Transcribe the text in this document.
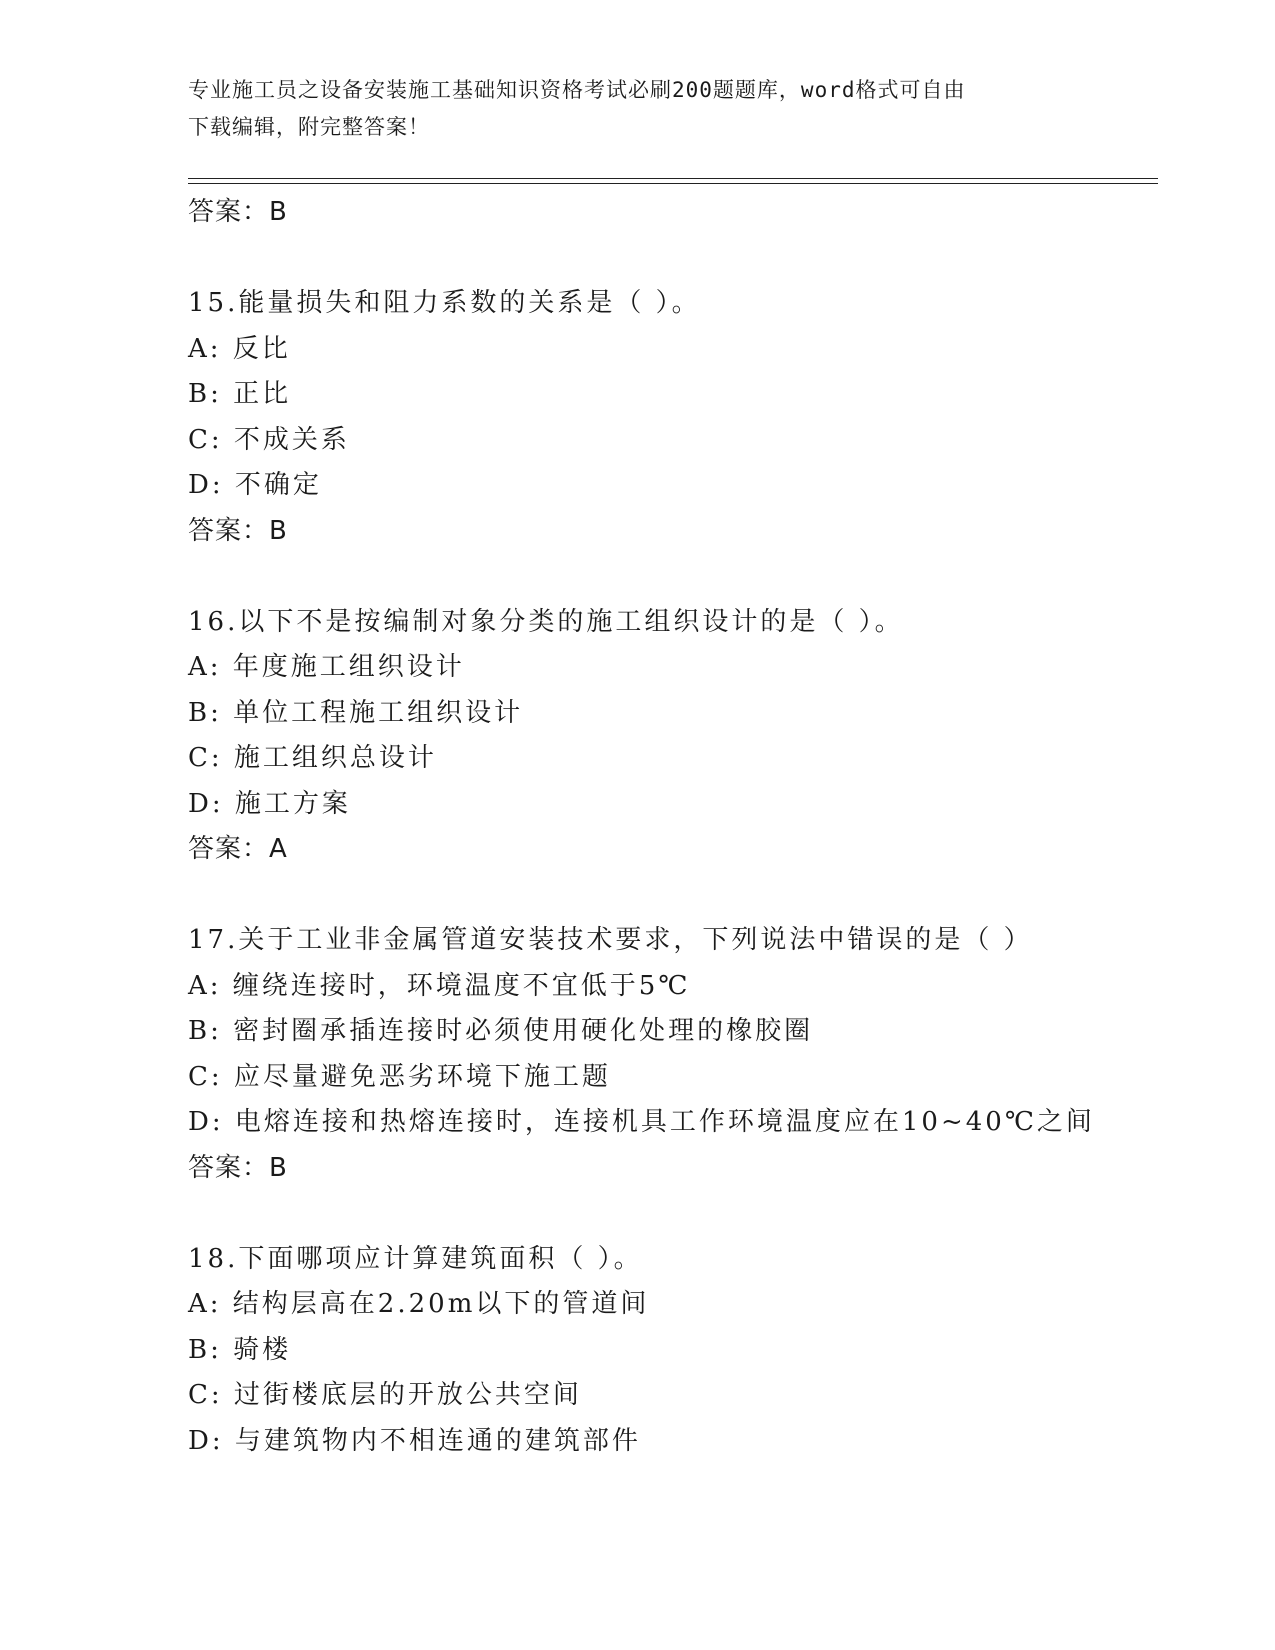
专业施工员之设备安装施工基础知识资格考试必刷200题题库，word格式可自由
下载编辑，附完整答案！
答案：B
15.能量损失和阻力系数的关系是（ ）。
A: 反比
B: 正比
C: 不成关系
D: 不确定
答案：B
16.以下不是按编制对象分类的施工组织设计的是（ ）。
A: 年度施工组织设计
B: 单位工程施工组织设计
C: 施工组织总设计
D: 施工方案
答案：A
17.关于工业非金属管道安装技术要求，下列说法中错误的是（ ）
A: 缠绕连接时，环境温度不宜低于5℃
B: 密封圈承插连接时必须使用硬化处理的橡胶圈
C: 应尽量避免恶劣环境下施工题
D: 电熔连接和热熔连接时，连接机具工作环境温度应在10~40℃之间
答案：B
18.下面哪项应计算建筑面积（ ）。
A: 结构层高在2.20m以下的管道间
B: 骑楼
C: 过街楼底层的开放公共空间
D: 与建筑物内不相连通的建筑部件
